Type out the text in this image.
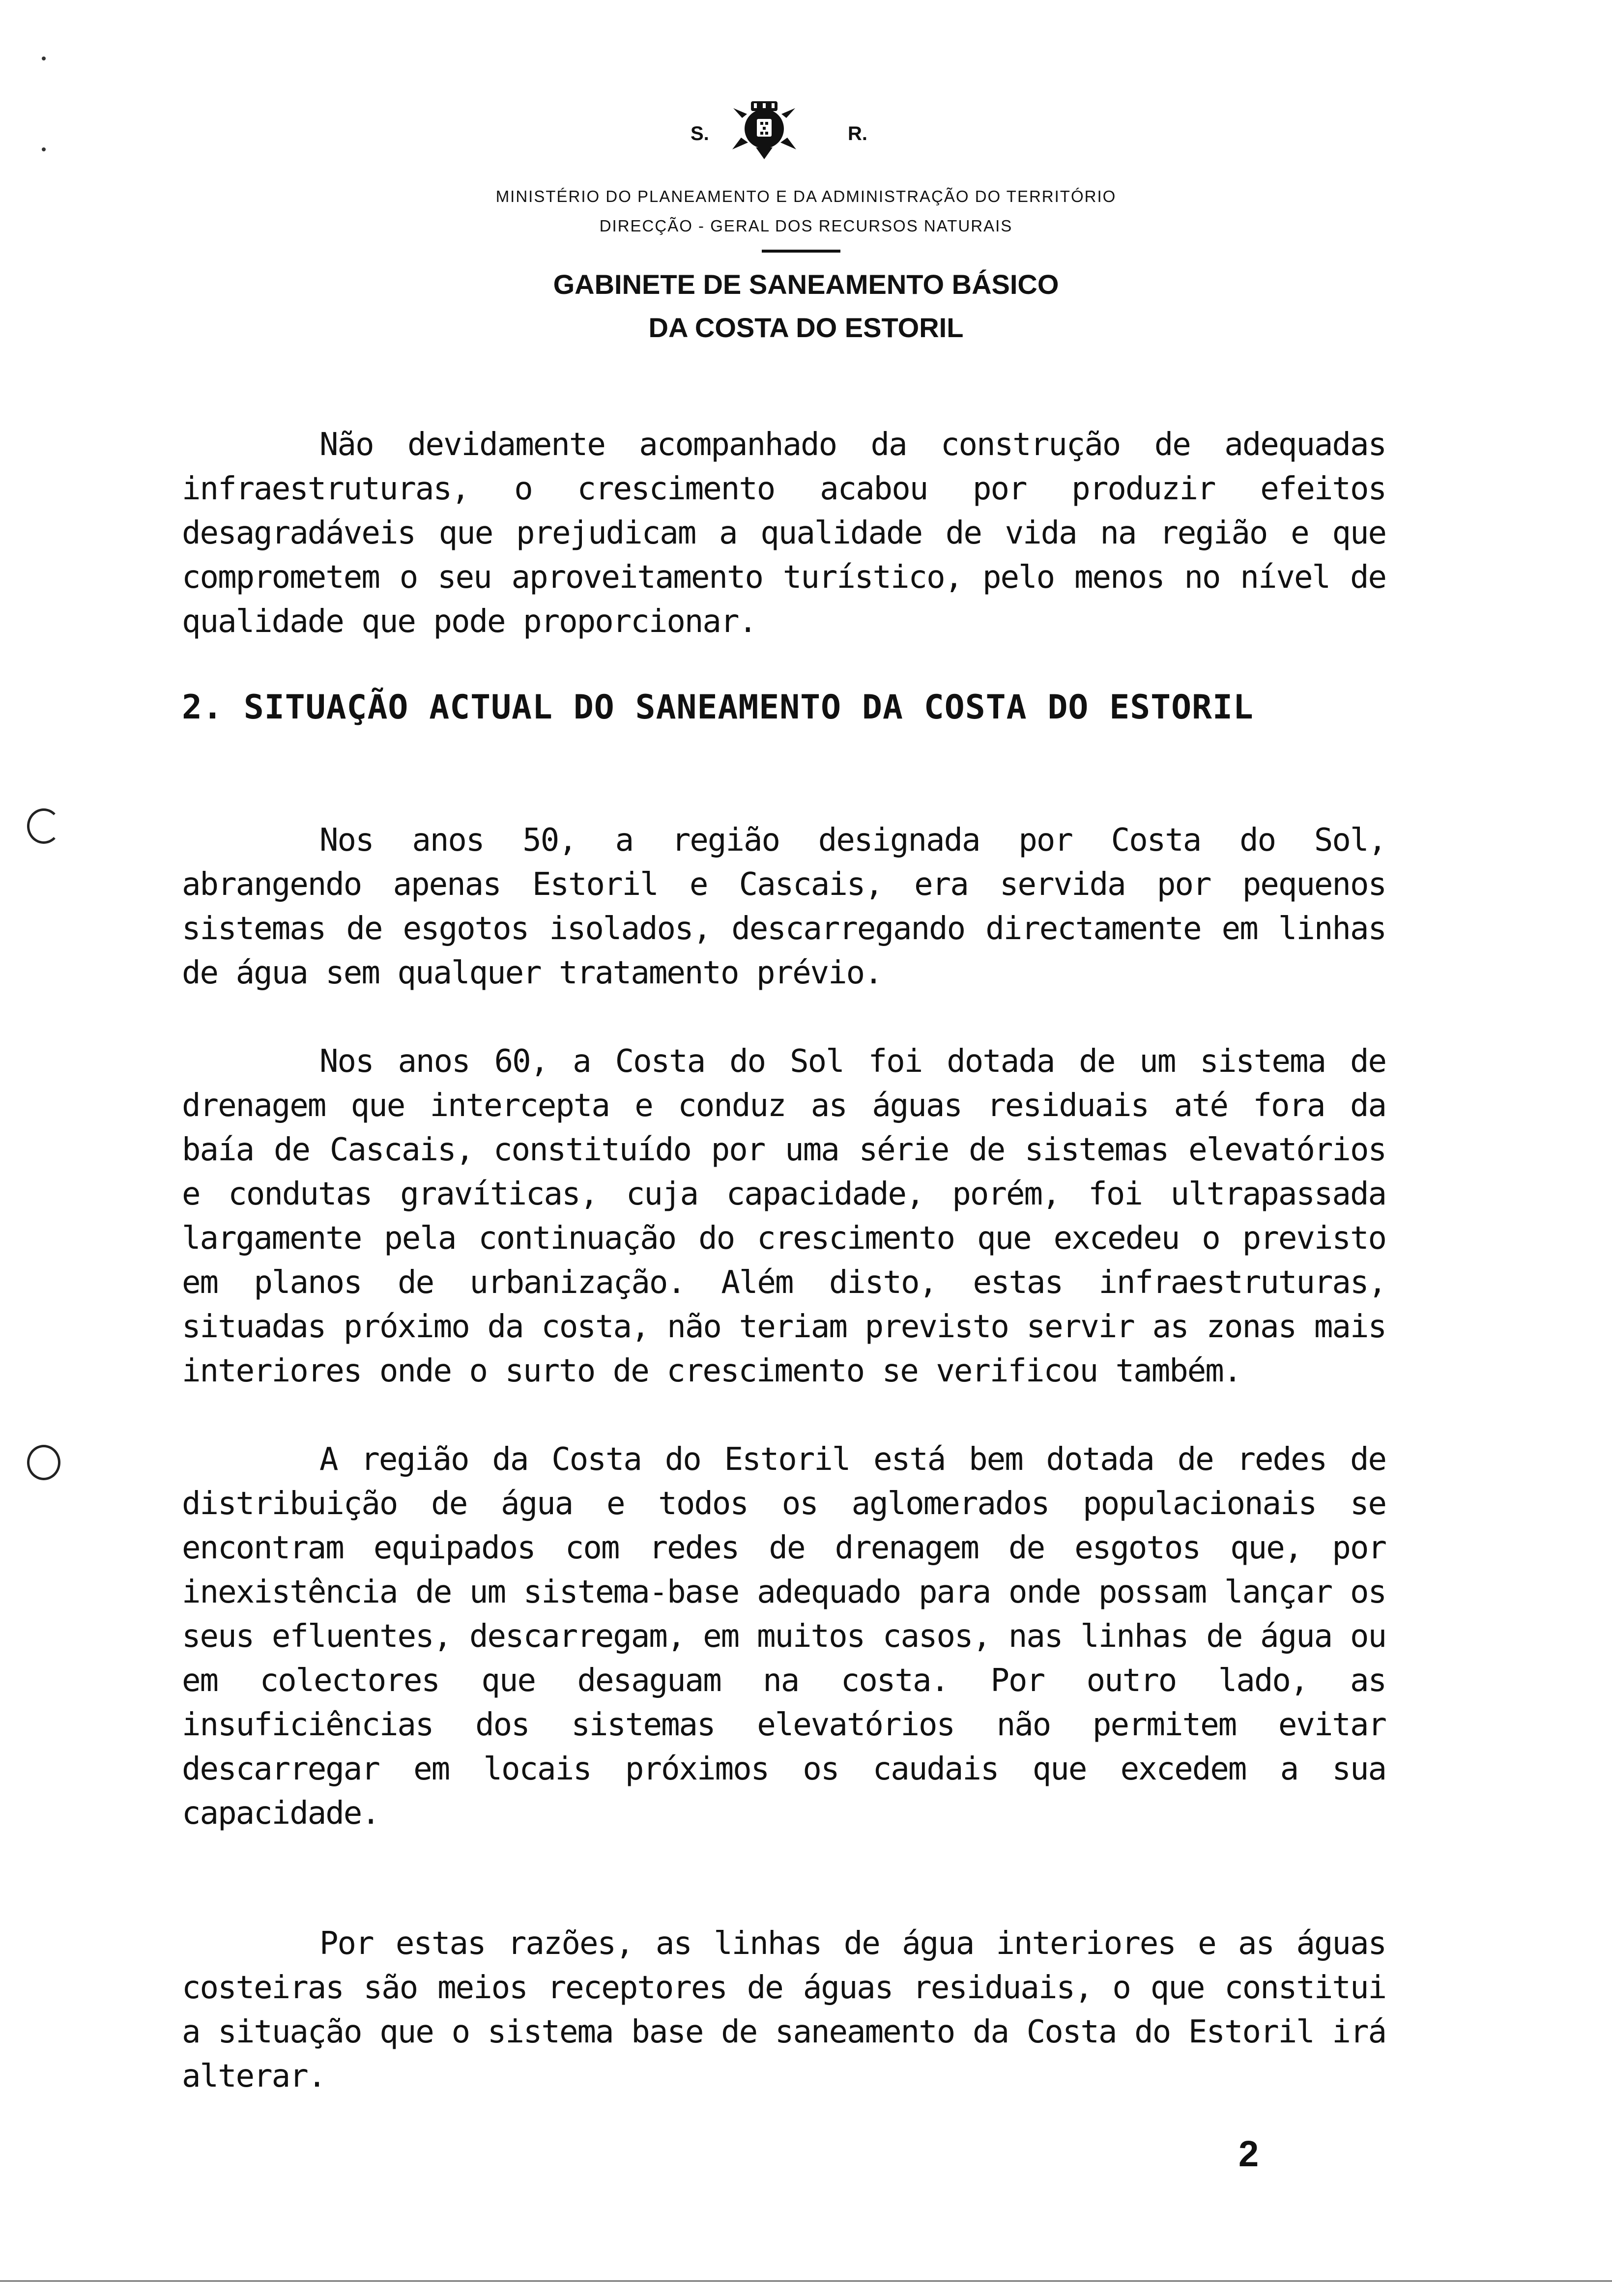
S.	R.
MINISTÉRIO DO PLANEAMENTO E DA ADMINISTRAÇÃO DO TERRITÓRIO
DIRECÇÃO - GERAL DOS RECURSOS NATURAIS
GABINETE DE SANEAMENTO BÁSICO
DA COSTA DO ESTORIL

Não devidamente acompanhado da construção de adequadas infraestruturas, o crescimento acabou por produzir efeitos desagradáveis que prejudicam a qualidade de vida na região e que comprometem o seu aproveitamento turístico, pelo menos no nível de qualidade que pode proporcionar.

2. SITUAÇÃO ACTUAL DO SANEAMENTO DA COSTA DO ESTORIL

Nos anos 50, a região designada por Costa do Sol, abrangendo apenas Estoril e Cascais, era servida por pequenos sistemas de esgotos isolados, descarregando directamente em linhas de água sem qualquer tratamento prévio.

Nos anos 60, a Costa do Sol foi dotada de um sistema de drenagem que intercepta e conduz as águas residuais até fora da baía de Cascais, constituído por uma série de sistemas elevatórios e condutas gravíticas, cuja capacidade, porém, foi ultrapassada largamente pela continuação do crescimento que excedeu o previsto em planos de urbanização. Além disto, estas infraestruturas, situadas próximo da costa, não teriam previsto servir as zonas mais interiores onde o surto de crescimento se verificou também.

A região da Costa do Estoril está bem dotada de redes de distribuição de água e todos os aglomerados populacionais se encontram equipados com redes de drenagem de esgotos que, por inexistência de um sistema-base adequado para onde possam lançar os seus efluentes, descarregam, em muitos casos, nas linhas de água ou em colectores que desaguam na costa. Por outro lado, as insuficiências dos sistemas elevatórios não permitem evitar descarregar em locais próximos os caudais que excedem a sua capacidade.

Por estas razões, as linhas de água interiores e as águas costeiras são meios receptores de águas residuais, o que constitui a situação que o sistema base de saneamento da Costa do Estoril irá alterar.

2
